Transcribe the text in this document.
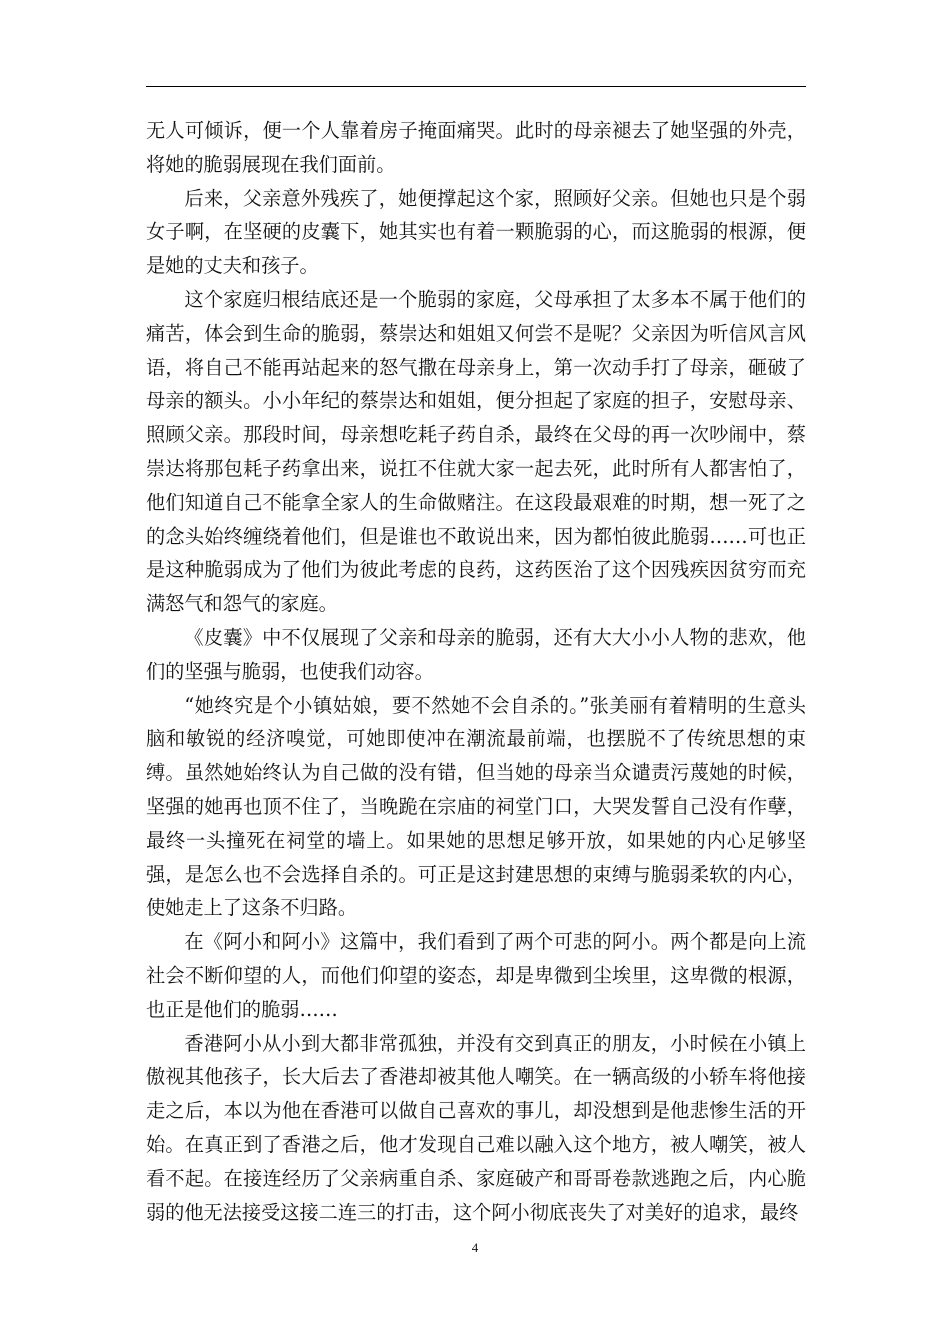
无人可倾诉，便一个人靠着房子掩面痛哭。此时的母亲褪去了她坚强的外壳，将她的脆弱展现在我们面前。

后来，父亲意外残疾了，她便撑起这个家，照顾好父亲。但她也只是个弱女子啊，在坚硬的皮囊下，她其实也有着一颗脆弱的心，而这脆弱的根源，便是她的丈夫和孩子。

这个家庭归根结底还是一个脆弱的家庭，父母承担了太多本不属于他们的痛苦，体会到生命的脆弱，蔡崇达和姐姐又何尝不是呢？父亲因为听信风言风语，将自己不能再站起来的怒气撒在母亲身上，第一次动手打了母亲，砸破了母亲的额头。小小年纪的蔡崇达和姐姐，便分担起了家庭的担子，安慰母亲、照顾父亲。那段时间，母亲想吃耗子药自杀，最终在父母的再一次吵闹中，蔡崇达将那包耗子药拿出来，说扛不住就大家一起去死，此时所有人都害怕了，他们知道自己不能拿全家人的生命做赌注。在这段最艰难的时期，想一死了之的念头始终缠绕着他们，但是谁也不敢说出来，因为都怕彼此脆弱……可也正是这种脆弱成为了他们为彼此考虑的良药，这药医治了这个因残疾因贫穷而充满怒气和怨气的家庭。

《皮囊》中不仅展现了父亲和母亲的脆弱，还有大大小小人物的悲欢，他们的坚强与脆弱，也使我们动容。

“她终究是个小镇姑娘，要不然她不会自杀的。”张美丽有着精明的生意头脑和敏锐的经济嗅觉，可她即使冲在潮流最前端，也摆脱不了传统思想的束缚。虽然她始终认为自己做的没有错，但当她的母亲当众谴责污蔑她的时候，坚强的她再也顶不住了，当晚跪在宗庙的祠堂门口，大哭发誓自己没有作孽，最终一头撞死在祠堂的墙上。如果她的思想足够开放，如果她的内心足够坚强，是怎么也不会选择自杀的。可正是这封建思想的束缚与脆弱柔软的内心，使她走上了这条不归路。

在《阿小和阿小》这篇中，我们看到了两个可悲的阿小。两个都是向上流社会不断仰望的人，而他们仰望的姿态，却是卑微到尘埃里，这卑微的根源，也正是他们的脆弱……

香港阿小从小到大都非常孤独，并没有交到真正的朋友，小时候在小镇上傲视其他孩子，长大后去了香港却被其他人嘲笑。在一辆高级的小轿车将他接走之后，本以为他在香港可以做自己喜欢的事儿，却没想到是他悲惨生活的开始。在真正到了香港之后，他才发现自己难以融入这个地方，被人嘲笑，被人看不起。在接连经历了父亲病重自杀、家庭破产和哥哥卷款逃跑之后，内心脆弱的他无法接受这接二连三的打击，这个阿小彻底丧失了对美好的追求，最终

4
